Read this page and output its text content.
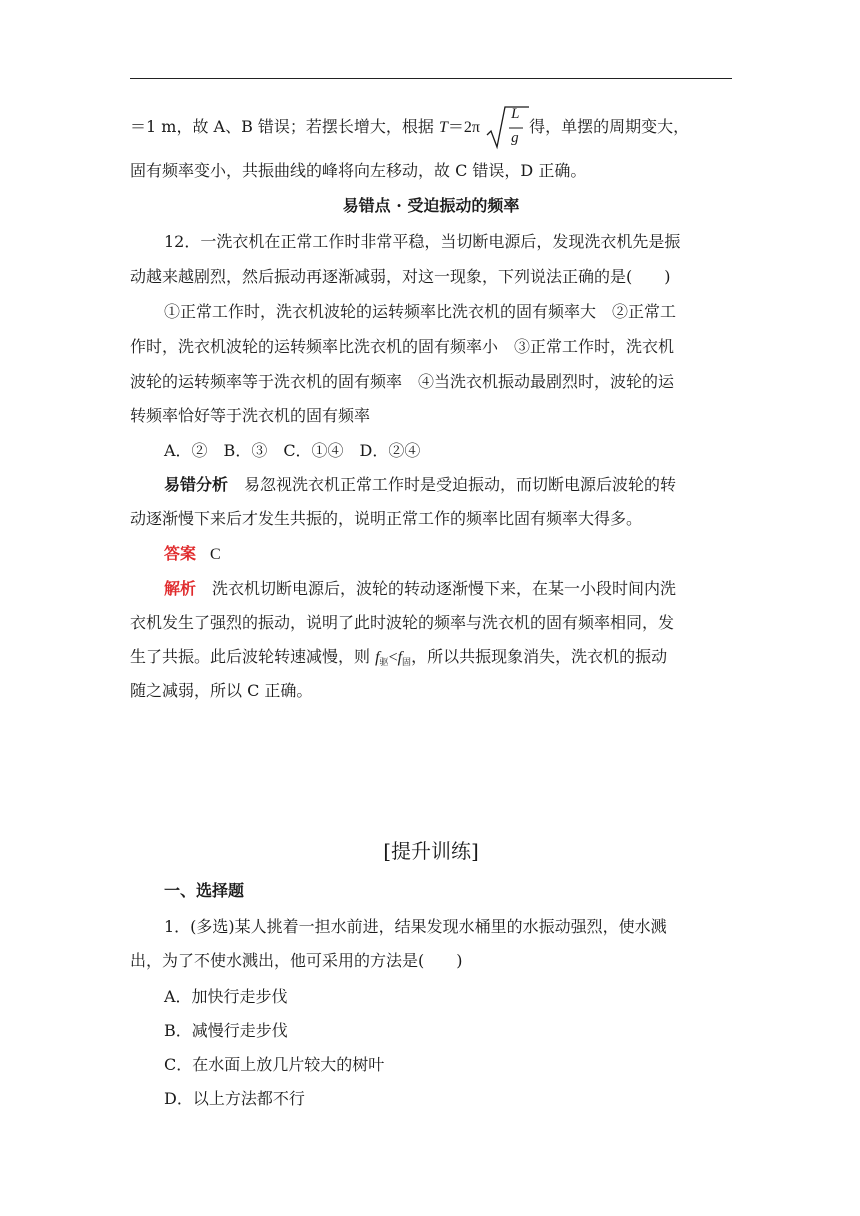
＝1 m，故 A、B 错误；若摆长增大，根据 T＝2π
L
g
得，单摆的周期变大，
固有频率变小，共振曲线的峰将向左移动，故 C 错误，D 正确。
易错点 · 受迫振动的频率
12．一洗衣机在正常工作时非常平稳，当切断电源后，发现洗衣机先是振
动越来越剧烈，然后振动再逐渐减弱，对这一现象，下列说法正确的是(　　)
①正常工作时，洗衣机波轮的运转频率比洗衣机的固有频率大　②正常工
作时，洗衣机波轮的运转频率比洗衣机的固有频率小　③正常工作时，洗衣机
波轮的运转频率等于洗衣机的固有频率　④当洗衣机振动最剧烈时，波轮的运
转频率恰好等于洗衣机的固有频率
A．②　B．③　C．①④　D．②④
易错分析　易忽视洗衣机正常工作时是受迫振动，而切断电源后波轮的转
动逐渐慢下来后才发生共振的，说明正常工作的频率比固有频率大得多。
答案 C
解析　洗衣机切断电源后，波轮的转动逐渐慢下来，在某一小段时间内洗
衣机发生了强烈的振动，说明了此时波轮的频率与洗衣机的固有频率相同，发
生了共振。此后波轮转速减慢，则 $f_驱<f_固$，所以共振现象消失，洗衣机的振动
随之减弱，所以 C 正确。
[提升训练]
一、选择题
1．(多选)某人挑着一担水前进，结果发现水桶里的水振动强烈，使水溅
出，为了不使水溅出，他可采用的方法是(　　)
A．加快行走步伐
B．减慢行走步伐
C．在水面上放几片较大的树叶
D．以上方法都不行
